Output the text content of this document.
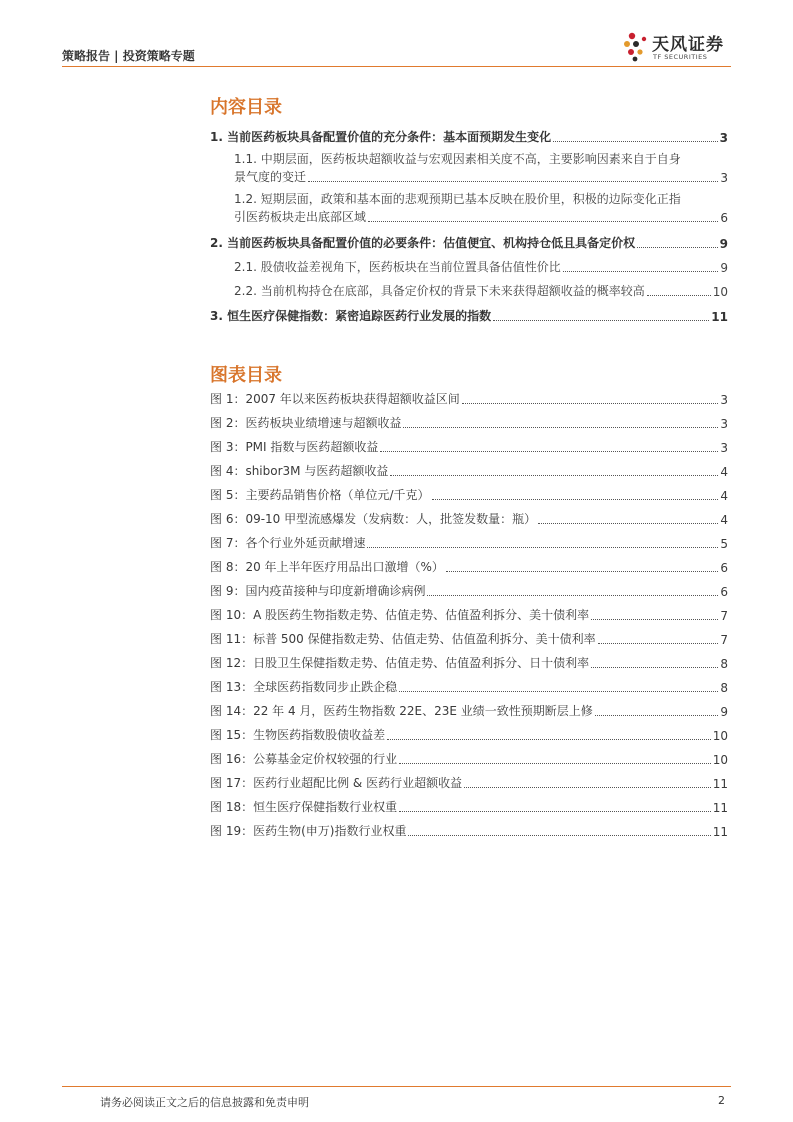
策略报告 | 投资策略专题
天风证券
TF SECURITIES
内容目录
1. 当前医药板块具备配置价值的充分条件：基本面预期发生变化	3
1.1. 中期层面，医药板块超额收益与宏观因素相关度不高，主要影响因素来自于自身
景气度的变迁	3
1.2. 短期层面，政策和基本面的悲观预期已基本反映在股价里，积极的边际变化正指
引医药板块走出底部区域	6
2. 当前医药板块具备配置价值的必要条件：估值便宜、机构持仓低且具备定价权	9
2.1. 股债收益差视角下，医药板块在当前位置具备估值性价比	9
2.2. 当前机构持仓在底部，具备定价权的背景下未来获得超额收益的概率较高	10
3. 恒生医疗保健指数：紧密追踪医药行业发展的指数	11
图表目录
图 1：2007 年以来医药板块获得超额收益区间	3
图 2：医药板块业绩增速与超额收益	3
图 3：PMI 指数与医药超额收益	3
图 4：shibor3M 与医药超额收益	4
图 5：主要药品销售价格（单位元/千克）	4
图 6：09-10 甲型流感爆发（发病数：人，批签发数量：瓶）	4
图 7：各个行业外延贡献增速	5
图 8：20 年上半年医疗用品出口激增（%）	6
图 9：国内疫苗接种与印度新增确诊病例	6
图 10：A 股医药生物指数走势、估值走势、估值盈利拆分、美十债利率	7
图 11：标普 500 保健指数走势、估值走势、估值盈利拆分、美十债利率	7
图 12：日股卫生保健指数走势、估值走势、估值盈利拆分、日十债利率	8
图 13：全球医药指数同步止跌企稳	8
图 14：22 年 4 月，医药生物指数 22E、23E 业绩一致性预期断层上修	9
图 15：生物医药指数股债收益差	10
图 16：公募基金定价权较强的行业	10
图 17：医药行业超配比例 & 医药行业超额收益	11
图 18：恒生医疗保健指数行业权重	11
图 19：医药生物(申万)指数行业权重	11
请务必阅读正文之后的信息披露和免责申明	2
